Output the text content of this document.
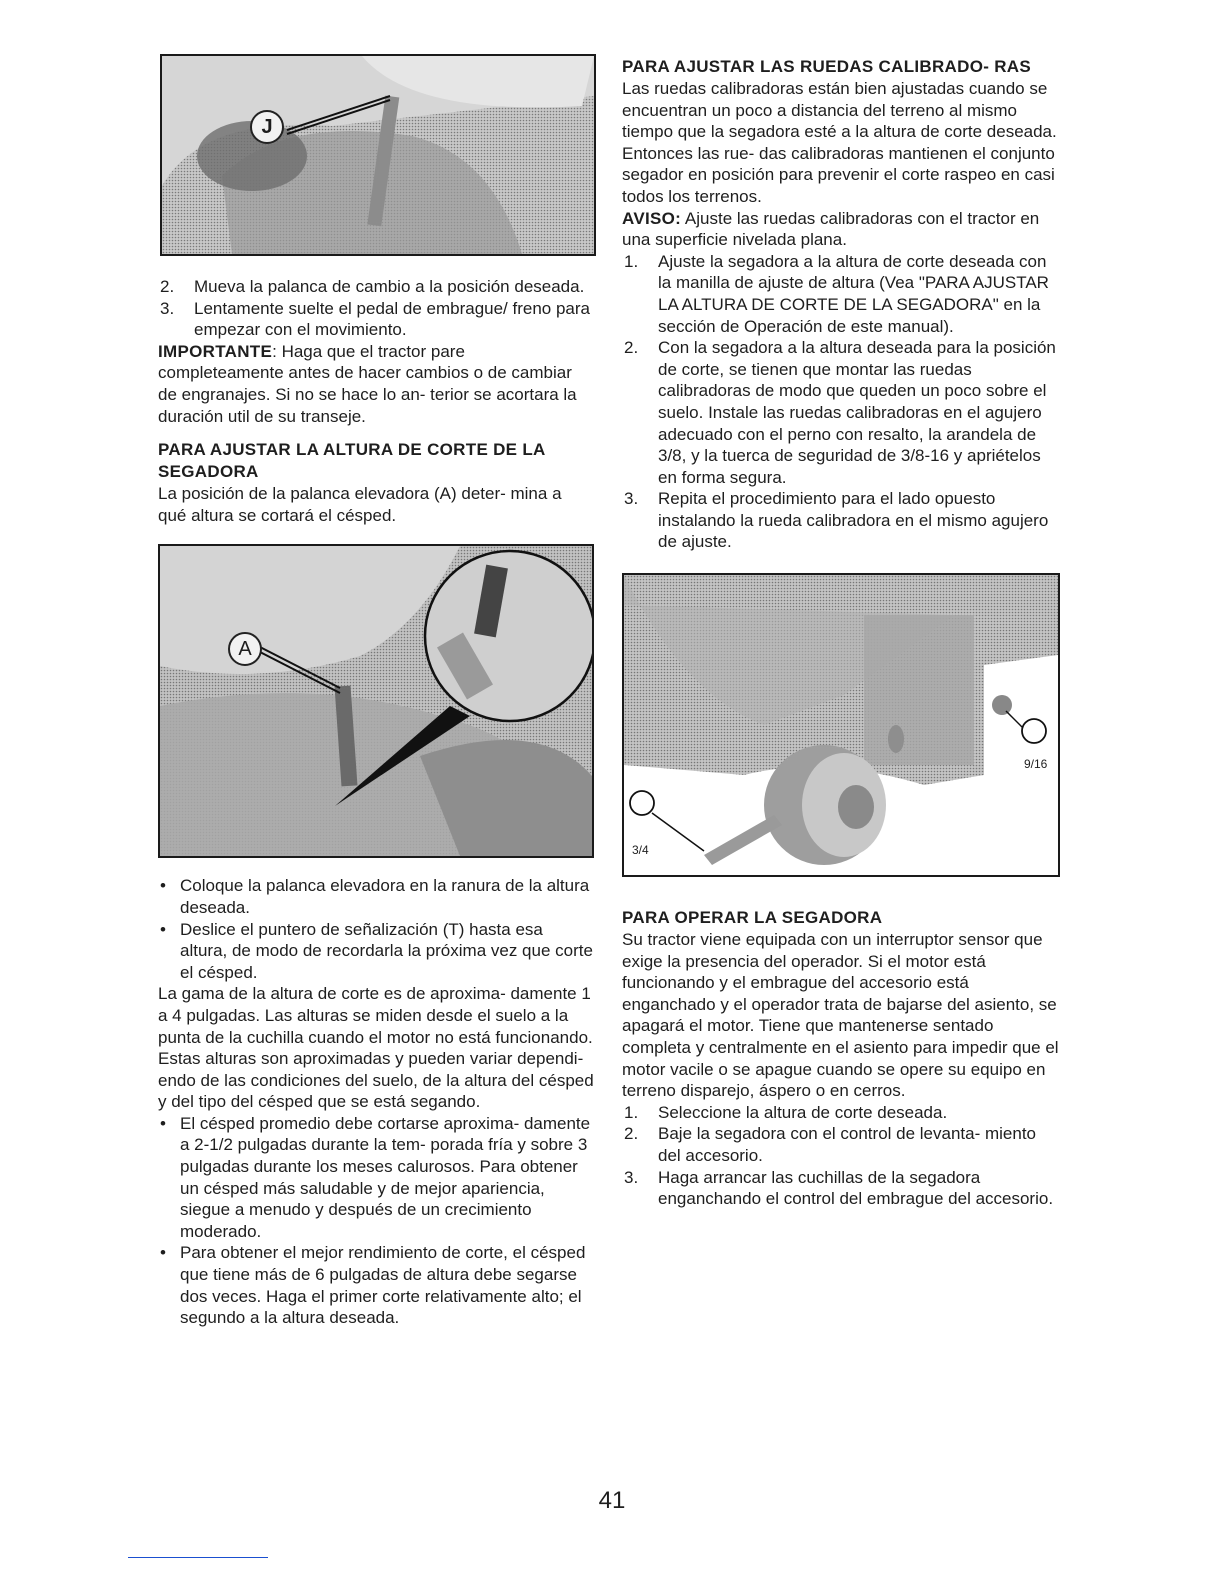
J
2. Mueva la palanca de cambio a la posición deseada.
3. Lentamente suelte el pedal de embrague/ freno para empezar con el movimiento.

IMPORTANTE: Haga que el tractor pare completeamente antes de hacer cambios o de cambiar de engranajes. Si no se hace lo an- terior se acortara la duración util de su transeje.

PARA AJUSTAR LA ALTURA DE CORTE DE LA SEGADORA

La posición de la palanca elevadora (A) deter- mina a qué altura se cortará el césped.

A
• Coloque la palanca elevadora en la ranura de la altura deseada.
• Deslice el puntero de señalización (T) hasta esa altura, de modo de recordarla la próxima vez que corte el césped.

La gama de la altura de corte es de aproxima- damente 1 a 4 pulgadas. Las alturas se miden desde el suelo a la punta de la cuchilla cuando el motor no está funcionando. Estas alturas son aproximadas y pueden variar dependi- endo de las condiciones del suelo, de la altura del césped y del tipo del césped que se está segando.

• El césped promedio debe cortarse aproxima- damente a 2-1/2 pulgadas durante la tem- porada fría y sobre 3 pulgadas durante los meses calurosos. Para obtener un césped más saludable y de mejor apariencia, siegue a menudo y después de un crecimiento moderado.
• Para obtener el mejor rendimiento de corte, el césped que tiene más de 6 pulgadas de altura debe segarse dos veces. Haga el primer corte relativamente alto; el segundo a la altura deseada.
PARA AJUSTAR LAS RUEDAS CALIBRADO- RAS

Las ruedas calibradoras están bien ajustadas cuando se encuentran un poco a distancia del terreno al mismo tiempo que la segadora esté a la altura de corte deseada. Entonces las rue- das calibradoras mantienen el conjunto segador en posición para prevenir el corte raspeo en casi todos los terrenos.

AVISO: Ajuste las ruedas calibradoras con el tractor en una superficie nivelada plana.

1. Ajuste la segadora a la altura de corte deseada con la manilla de ajuste de altura (Vea "PARA AJUSTAR LA ALTURA DE CORTE DE LA SEGADORA" en la sección de Operación de este manual).
2. Con la segadora a la altura deseada para la posición de corte, se tienen que montar las ruedas calibradoras de modo que queden un poco sobre el suelo. Instale las ruedas calibradoras en el agujero adecuado con el perno con resalto, la arandela de 3/8, y la tuerca de seguridad de 3/8-16 y apriételos en forma segura.
3. Repita el procedimiento para el lado opuesto instalando la rueda calibradora en el mismo agujero de ajuste.
9/16
3/4
PARA OPERAR LA SEGADORA

Su tractor viene equipada con un interruptor sensor que exige la presencia del operador. Si el motor está funcionando y el embrague del accesorio está enganchado y el operador trata de bajarse del asiento, se apagará el motor. Tiene que mantenerse sentado completa y centralmente en el asiento para impedir que el motor vacile o se apague cuando se opere su equipo en terreno disparejo, áspero o en cerros.

1. Seleccione la altura de corte deseada.
2. Baje la segadora con el control de levanta- miento del accesorio.
3. Haga arrancar las cuchillas de la segadora enganchando el control del embrague del accesorio.
41
